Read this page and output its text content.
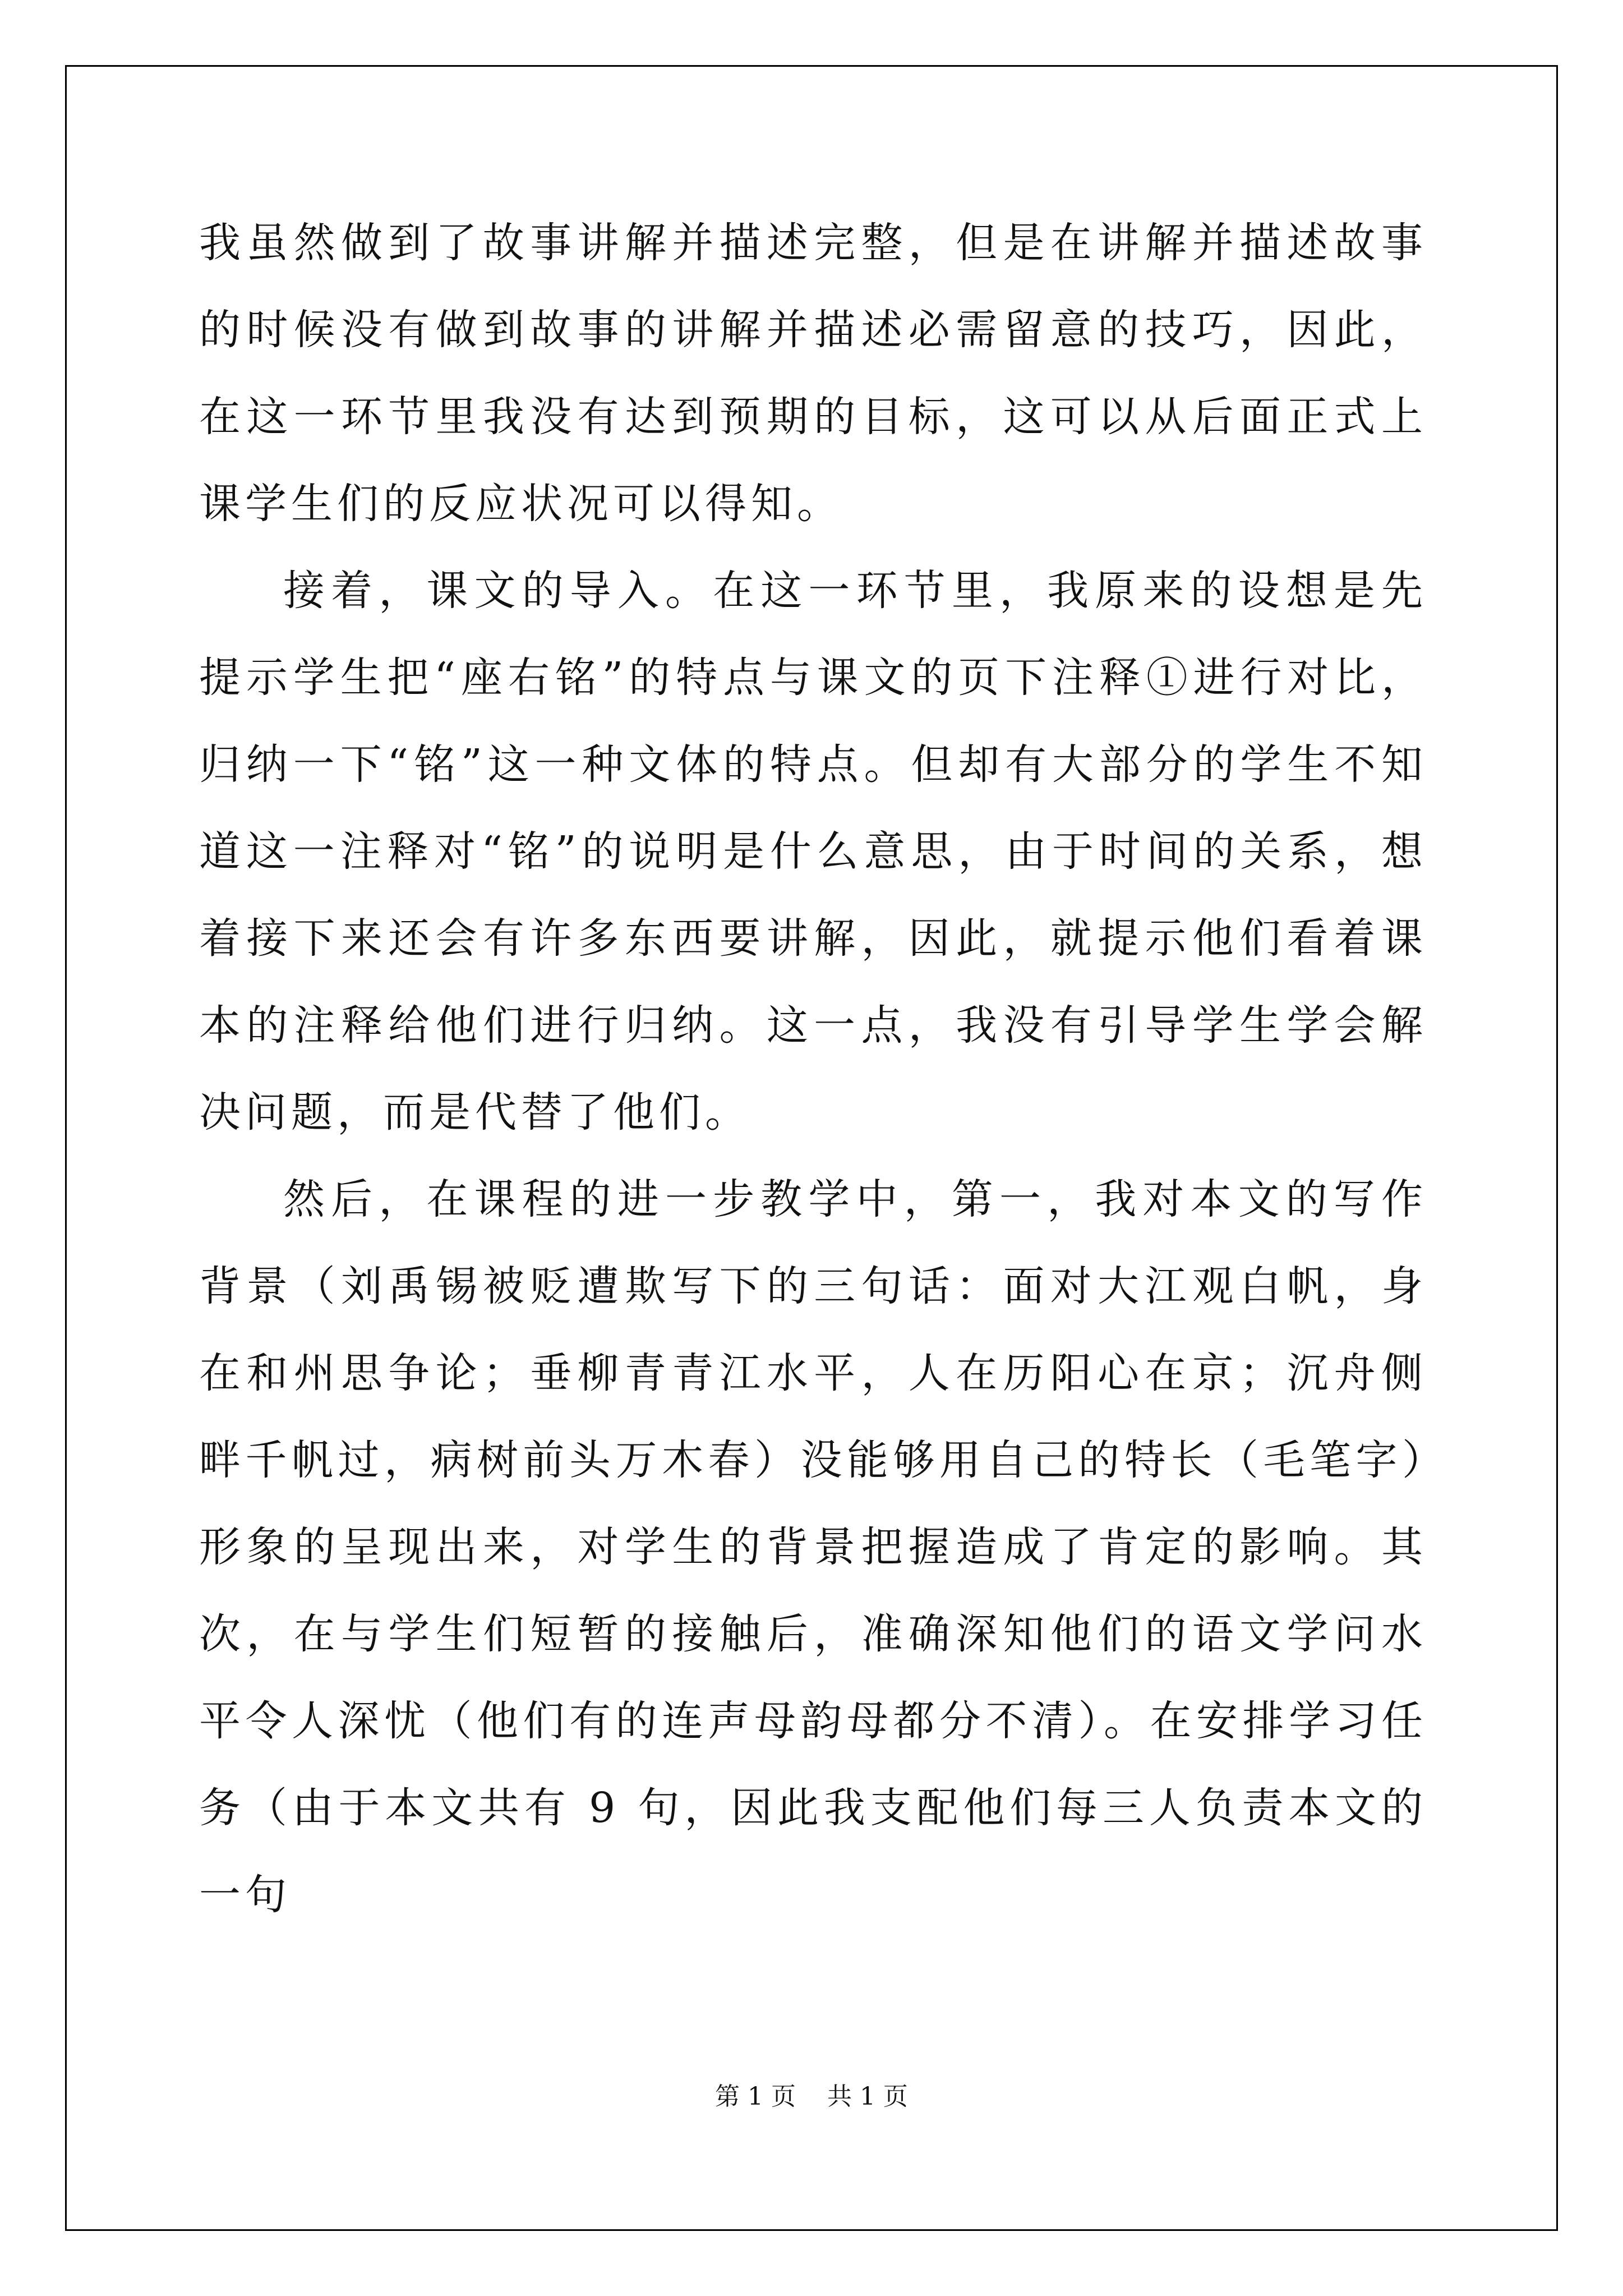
我虽然做到了故事讲解并描述完整，但是在讲解并描述故事的时候没有做到故事的讲解并描述必需留意的技巧，因此，在这一环节里我没有达到预期的目标，这可以从后面正式上课学生们的反应状况可以得知。

接着，课文的导入。在这一环节里，我原来的设想是先提示学生把“座右铭”的特点与课文的页下注释①进行对比，归纳一下“铭”这一种文体的特点。但却有大部分的学生不知道这一注释对“铭”的说明是什么意思，由于时间的关系，想着接下来还会有许多东西要讲解，因此，就提示他们看着课本的注释给他们进行归纳。这一点，我没有引导学生学会解决问题，而是代替了他们。

然后，在课程的进一步教学中，第一，我对本文的写作背景（刘禹锡被贬遭欺写下的三句话：面对大江观白帆，身在和州思争论；垂柳青青江水平，人在历阳心在京；沉舟侧畔千帆过，病树前头万木春）没能够用自己的特长（毛笔字）形象的呈现出来，对学生的背景把握造成了肯定的影响。其次，在与学生们短暂的接触后，准确深知他们的语文学问水平令人深忧（他们有的连声母韵母都分不清）。在安排学习任务（由于本文共有 9 句，因此我支配他们每三人负责本文的一句

第 1 页    共 1 页
